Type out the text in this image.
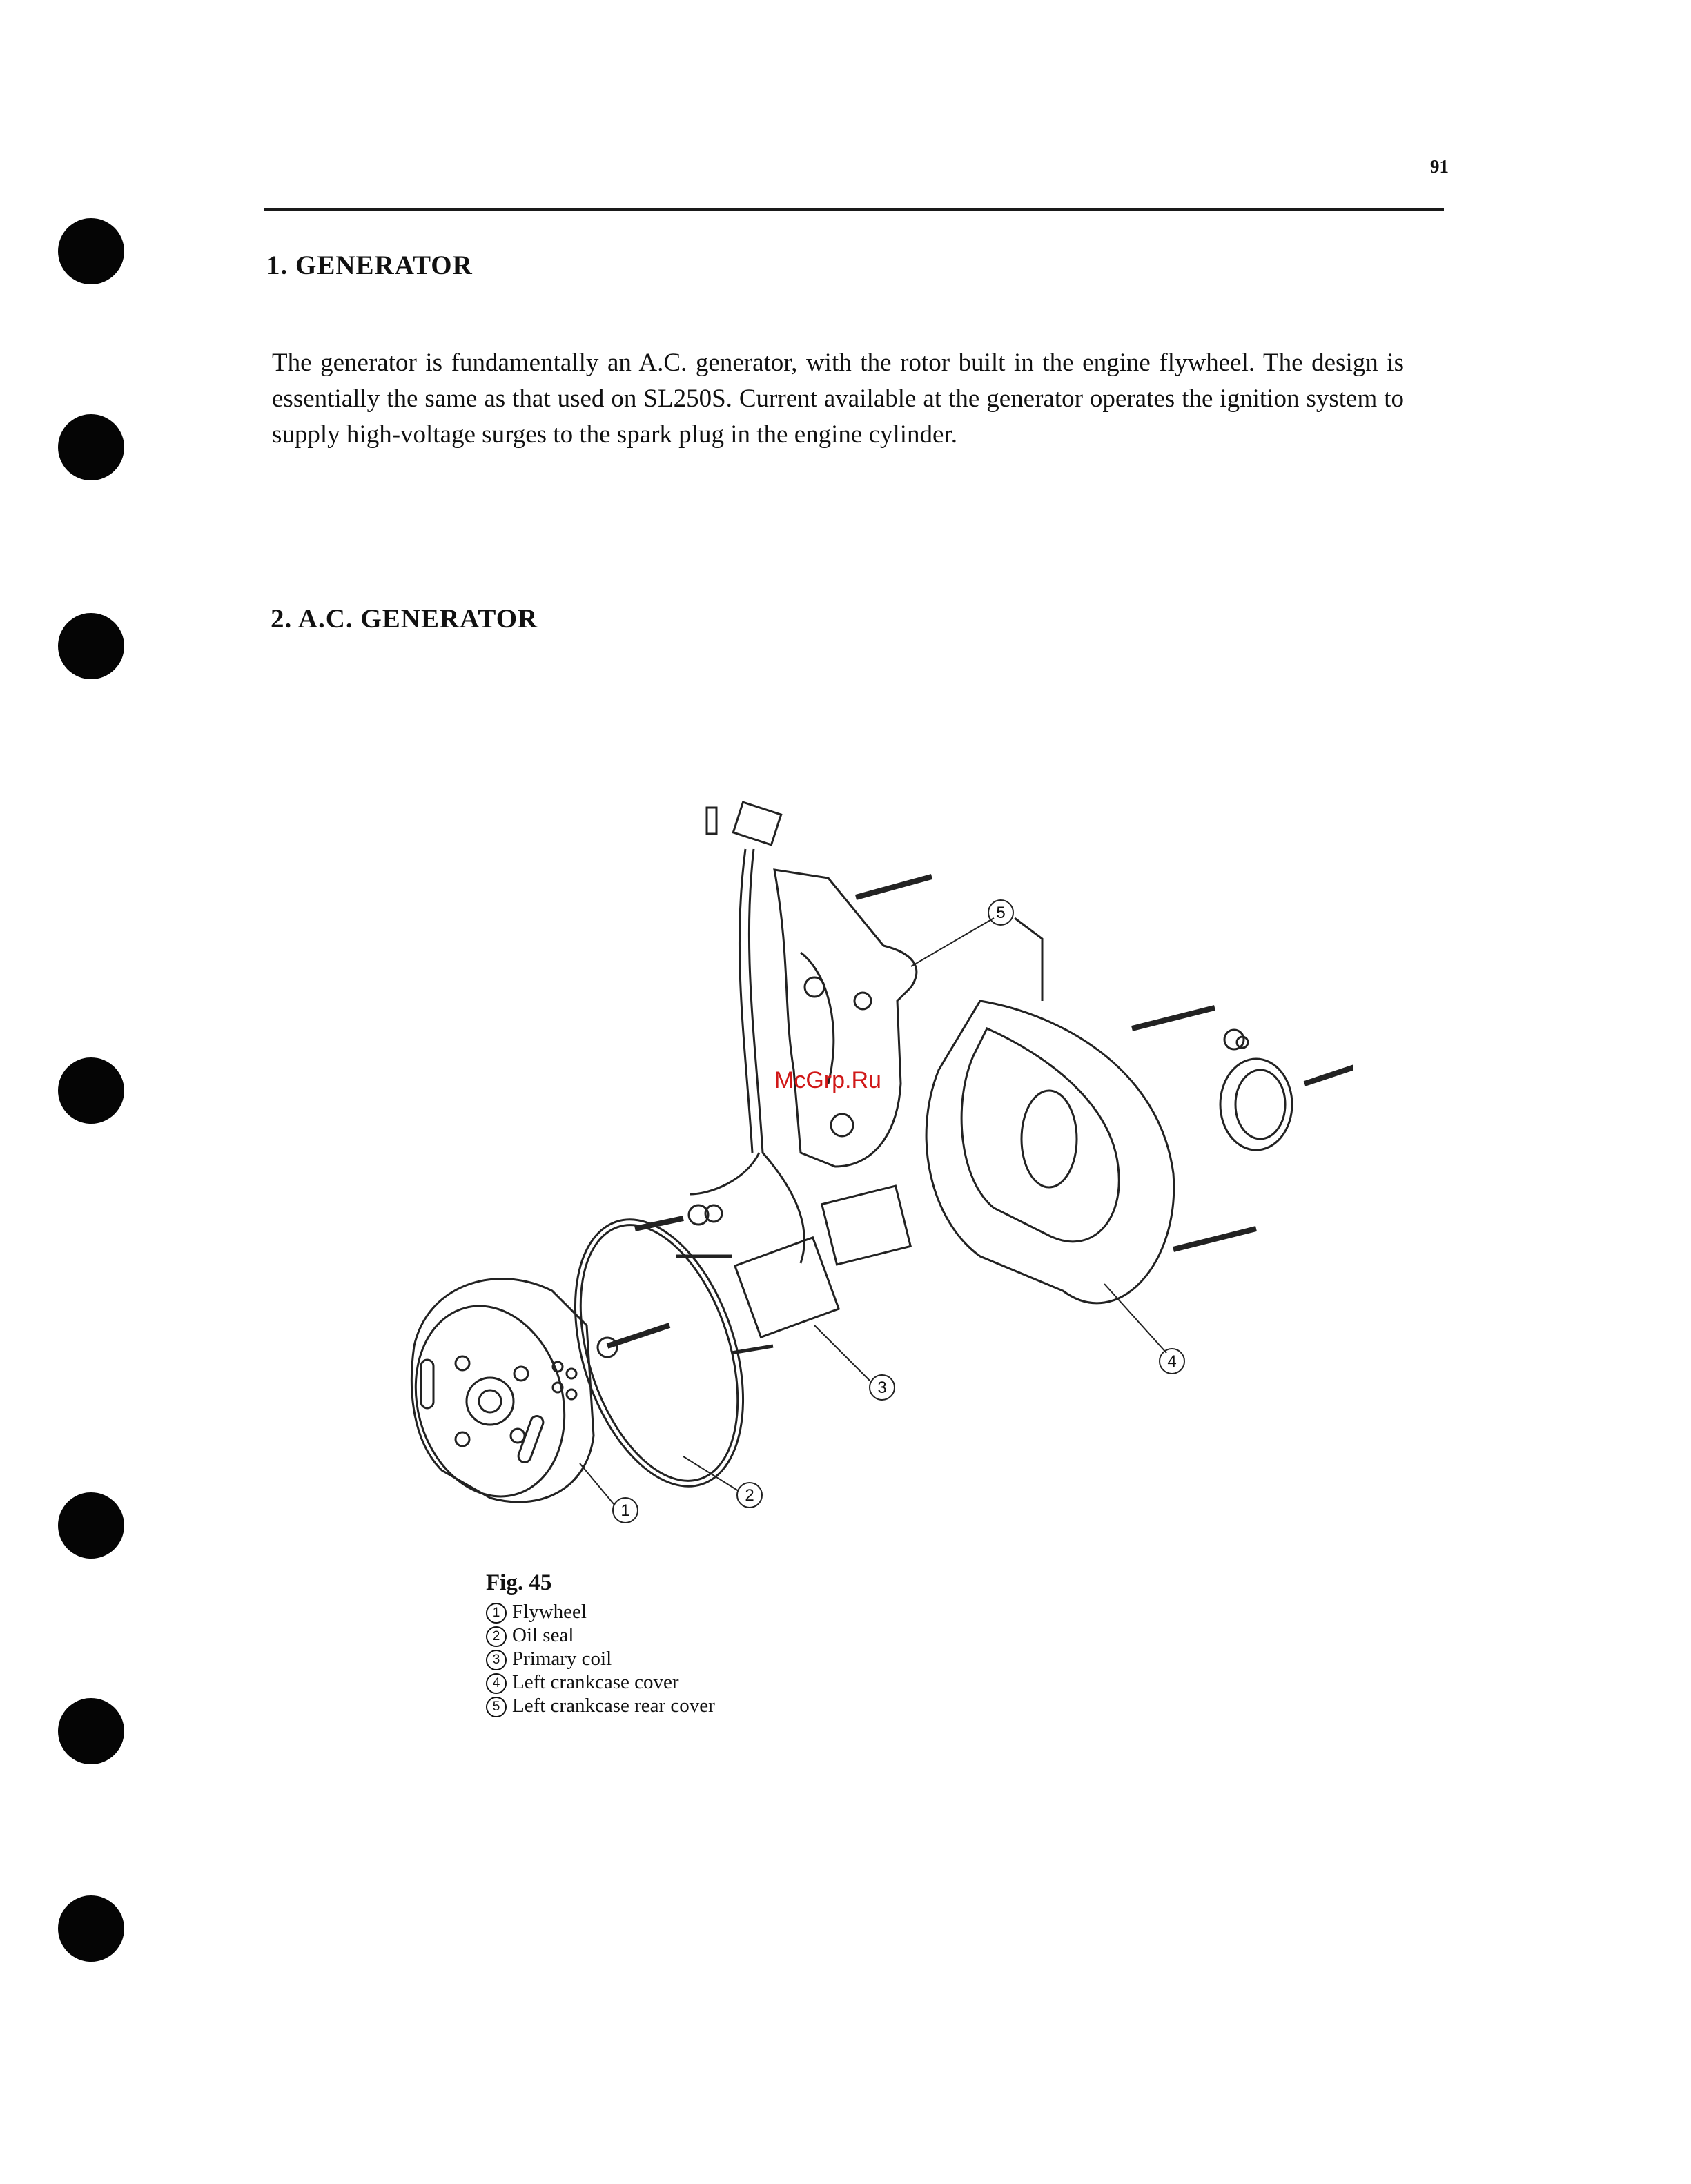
91
1. GENERATOR

The generator is fundamentally an A.C. generator, with the rotor built in the engine flywheel. The design is essentially the same as that used on SL250S. Current available at the generator operates the ignition system to supply high-voltage surges to the spark plug in the engine cylinder.

2. A.C. GENERATOR
5
4
3
2
1
McGrp.Ru
Fig. 45
1 Flywheel
2 Oil seal
3 Primary coil
4 Left crankcase cover
5 Left crankcase rear cover
